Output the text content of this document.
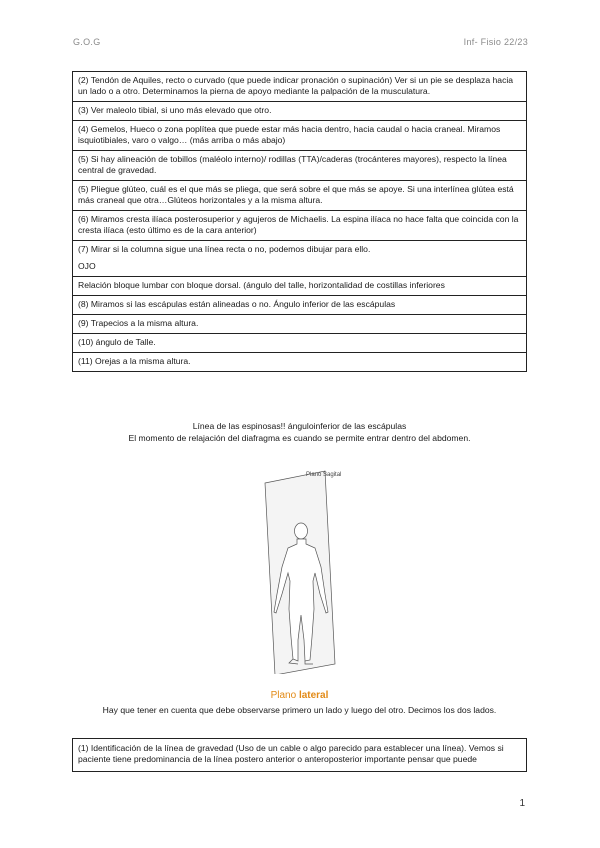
G.O.G	Inf- Fisio 22/23
(2) Tendón de Aquiles, recto o curvado (que puede indicar pronación o supinación) Ver si un pie se desplaza hacia un lado o a otro. Determinamos la pierna de apoyo mediante la palpación de la musculatura.
(3) Ver maleolo tibial, si uno más elevado que otro.
(4) Gemelos, Hueco o zona poplítea que puede estar más hacia dentro, hacia caudal o hacia craneal. Miramos isquiotibiales, varo o valgo… (más arriba o más abajo)
(5) Si hay alineación de tobillos (maléolo interno)/ rodillas (TTA)/caderas (trocánteres mayores), respecto la línea central de gravedad.
(5) Pliegue glúteo, cuál es el que más se pliega, que será sobre el que más se apoye. Si una interlínea glútea está más craneal que otra…Glúteos horizontales y a la misma altura.
(6) Miramos cresta ilíaca posterosuperior y agujeros de Michaelis. La espina ilíaca no hace falta que coincida con la cresta ilíaca (esto último es de la cara anterior)

(7) Mirar si la columna sigue una línea recta o no, podemos dibujar para ello.
OJO

Relación bloque lumbar con bloque dorsal. (ángulo del talle, horizontalidad de costillas inferiores
(8) Miramos si las escápulas están alineadas o no. Ángulo inferior de las escápulas
(9) Trapecios a la misma altura.
(10) ángulo de Talle.
(11) Orejas a la misma altura.
Línea de las espinosas!! ánguloinferior de las escápulas
El momento de relajación del diafragma es cuando se permite entrar dentro del abdomen.
Plano Sagital
Plano lateral
Hay que tener en cuenta que debe observarse primero un lado y luego del otro. Decimos los dos lados.
(1) Identificación de la línea de gravedad (Uso de un cable o algo parecido para establecer una línea). Vemos si paciente tiene predominancia de la línea postero anterior o anteroposterior importante pensar que puede
1
